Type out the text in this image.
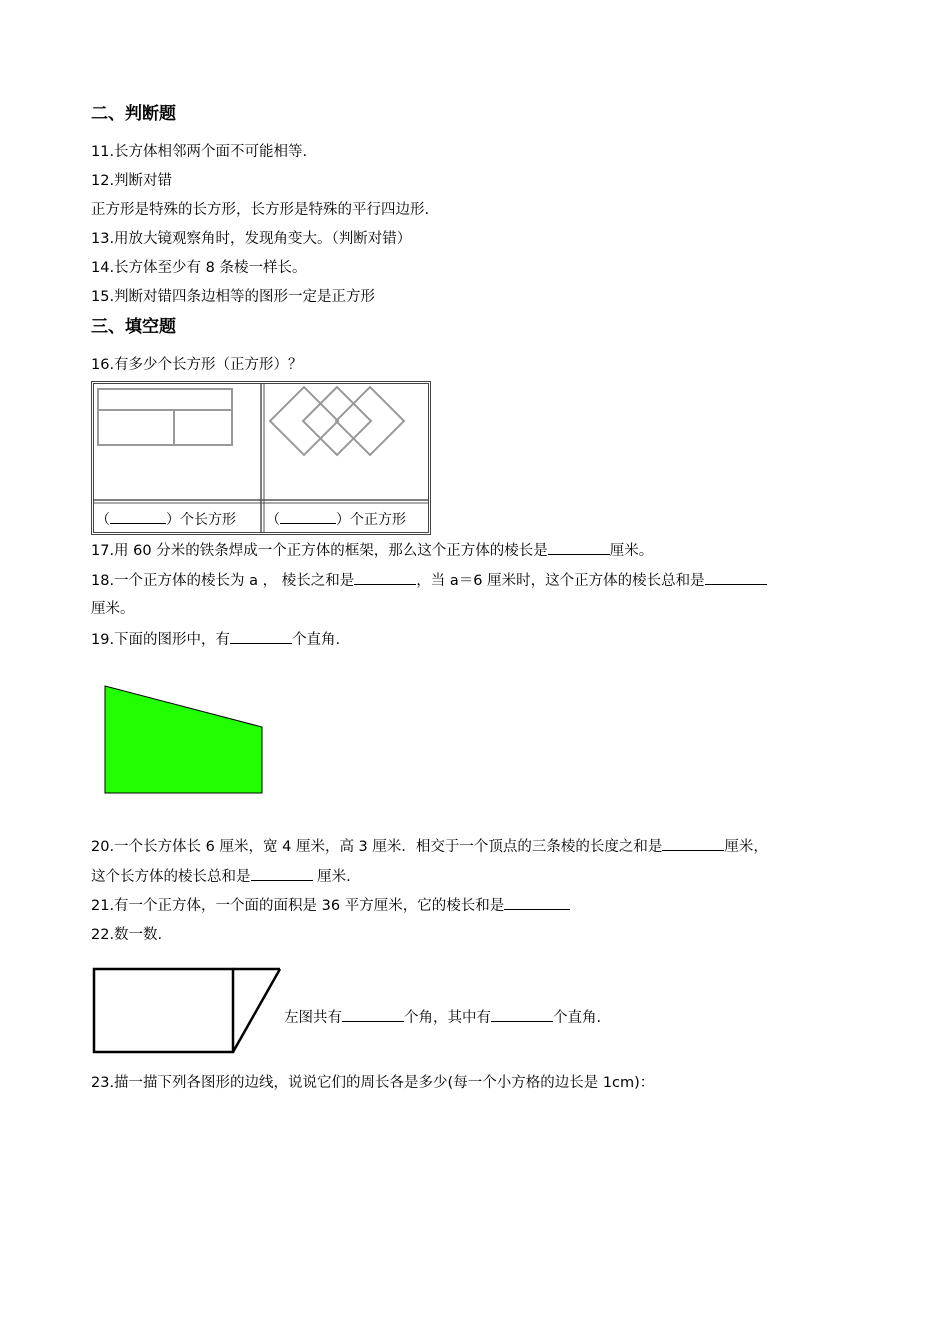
二、判断题
11.长方体相邻两个面不可能相等.
12.判断对错
正方形是特殊的长方形，长方形是特殊的平行四边形.
13.用放大镜观察角时，发现角变大。（判断对错）
14.长方体至少有 8 条棱一样长。
15.判断对错四条边相等的图形一定是正方形
三、填空题
16.有多少个长方形（正方形）？
（	）个长方形 （	）个正方形
17.用 60 分米的铁条焊成一个正方体的框架，那么这个正方体的棱长是	厘米。
18.一个正方体的棱长为 a ， 棱长之和是	，当 a＝6 厘米时，这个正方体的棱长总和是
厘米。
19.下面的图形中，有	个直角.
20.一个长方体长 6 厘米，宽 4 厘米，高 3 厘米．相交于一个顶点的三条棱的长度之和是	厘米，
这个长方体的棱长总和是	厘米.
21.有一个正方体，一个面的面积是 36 平方厘米，它的棱长和是
22.数一数.
左图共有	个角，其中有	个直角.
23.描一描下列各图形的边线，说说它们的周长各是多少(每一个小方格的边长是 1cm)：
